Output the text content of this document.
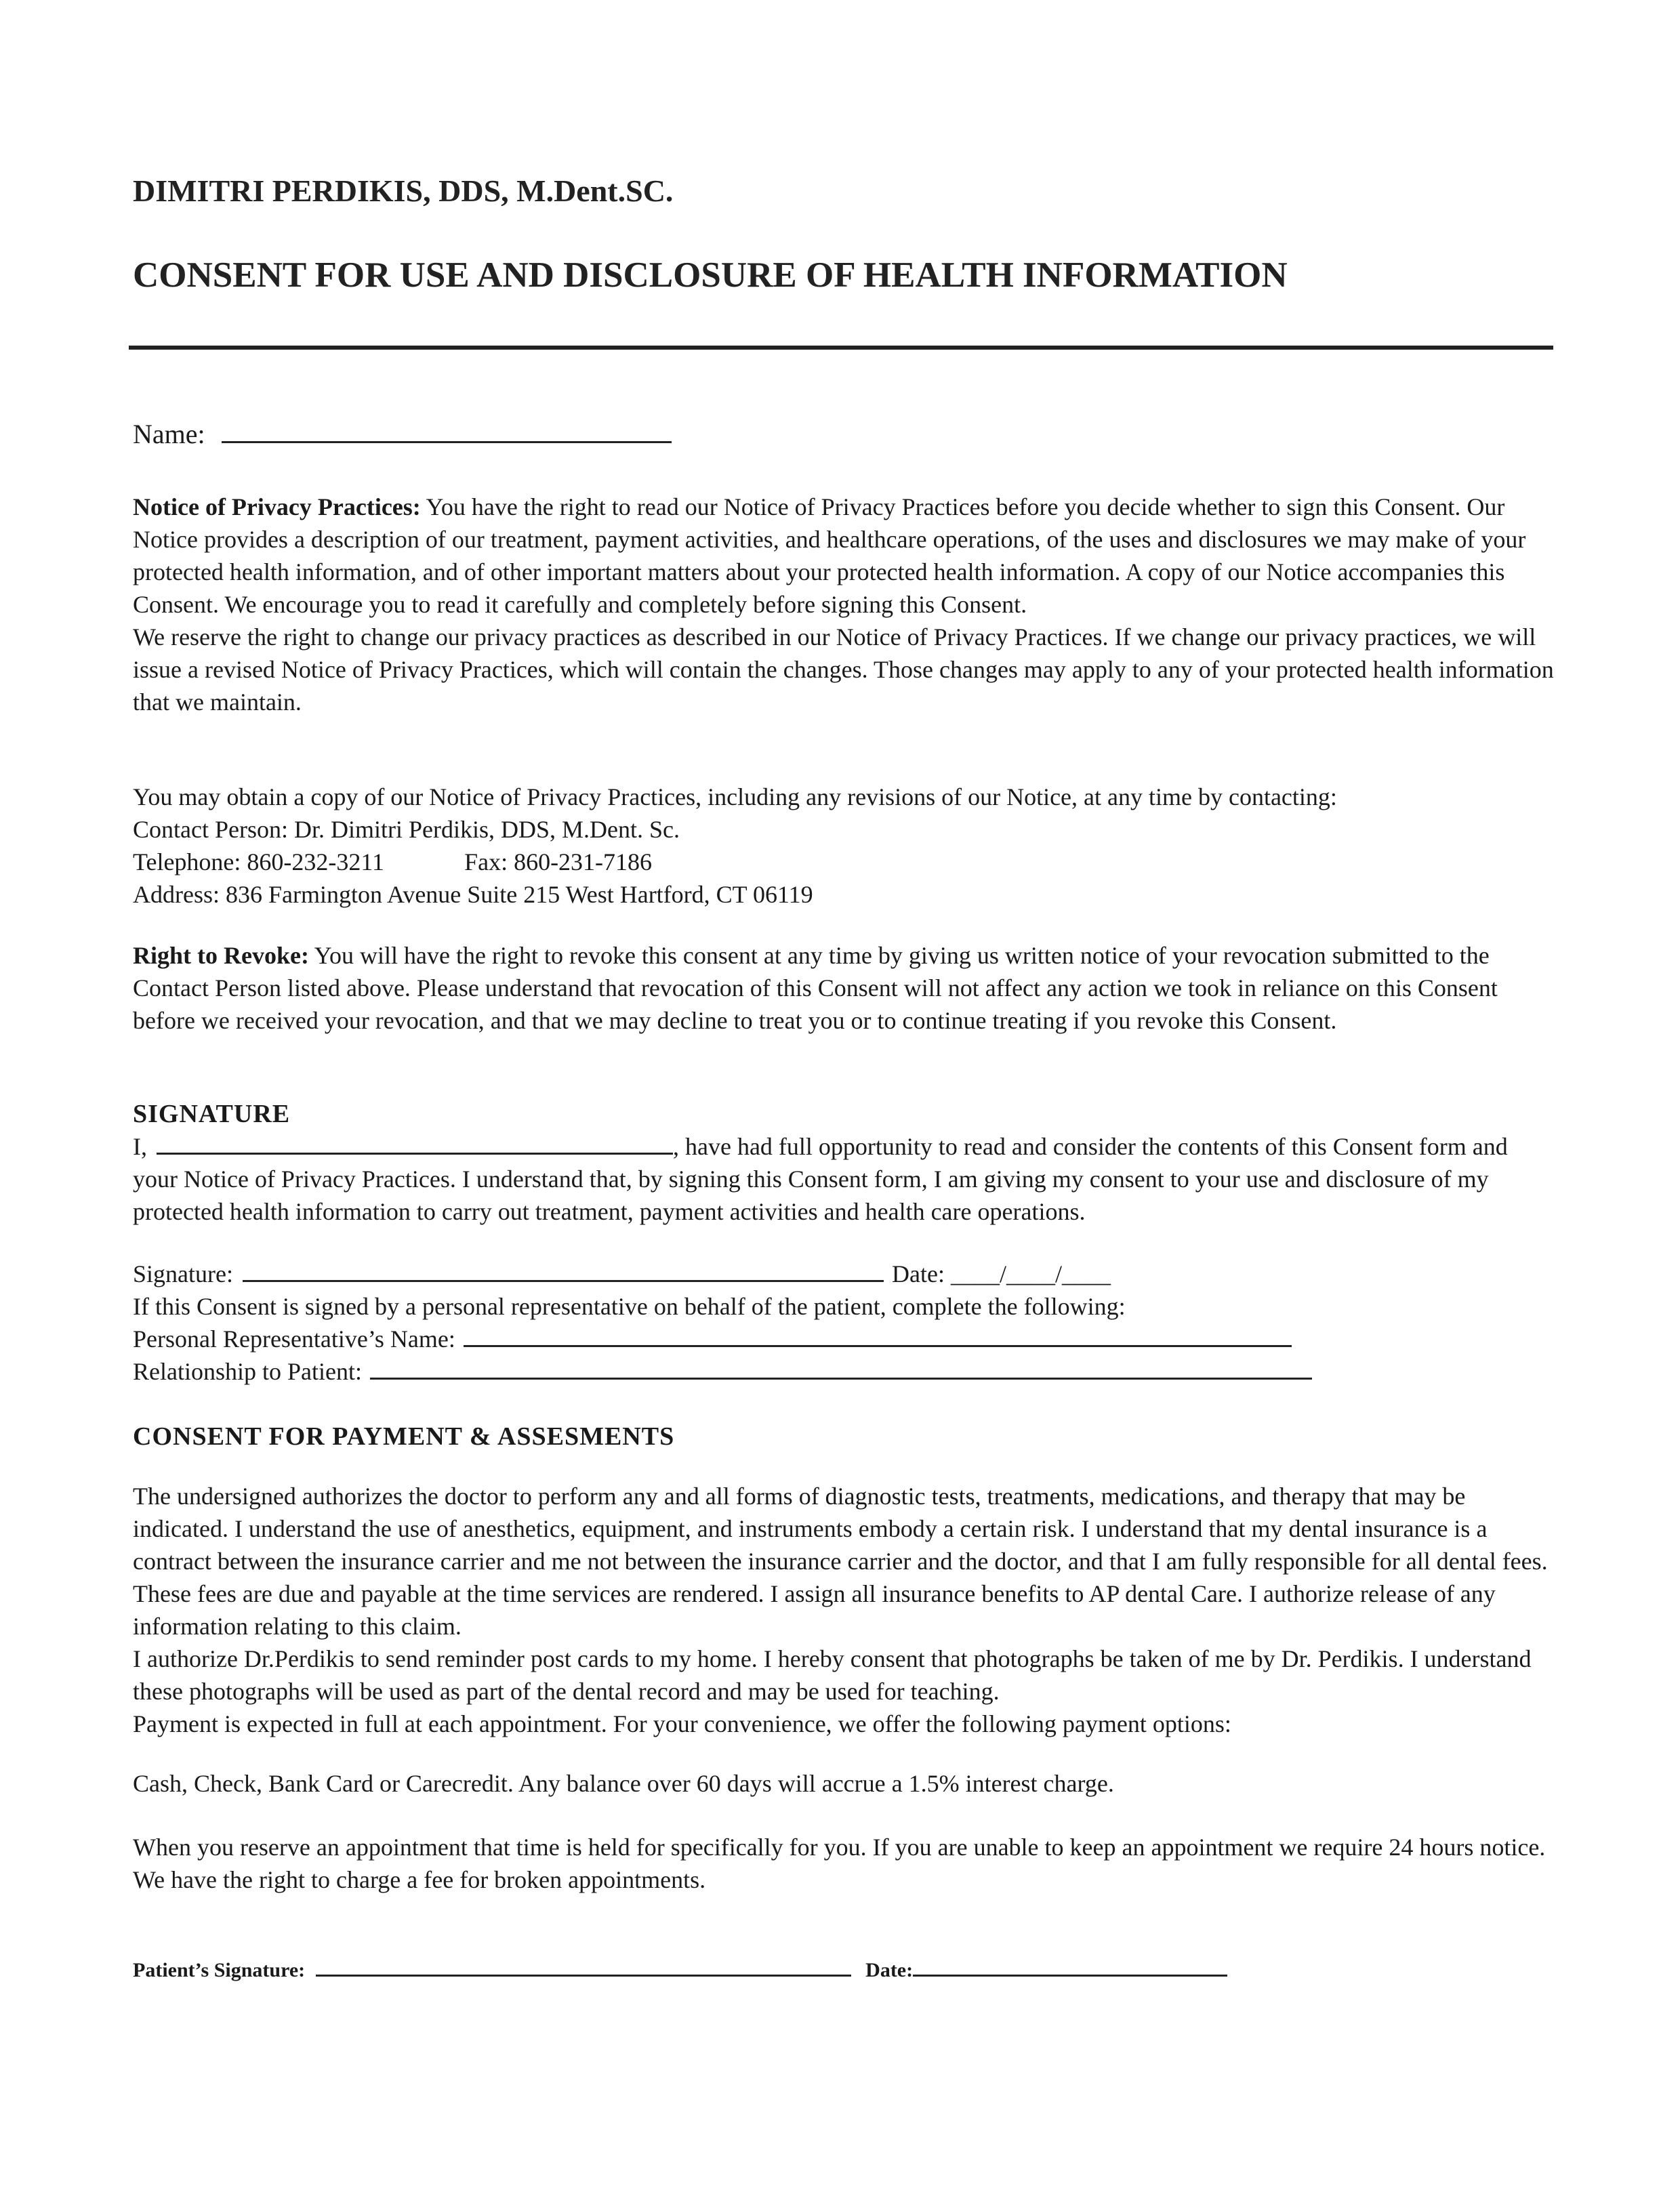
DIMITRI PERDIKIS, DDS, M.Dent.SC.
CONSENT FOR USE AND DISCLOSURE OF HEALTH INFORMATION
Name:

Notice of Privacy Practices: You have the right to read our Notice of Privacy Practices before you decide whether to sign this Consent. Our Notice provides a description of our treatment, payment activities, and healthcare operations, of the uses and disclosures we may make of your protected health information, and of other important matters about your protected health information. A copy of our Notice accompanies this Consent. We encourage you to read it carefully and completely before signing this Consent.

We reserve the right to change our privacy practices as described in our Notice of Privacy Practices. If we change our privacy practices, we will issue a revised Notice of Privacy Practices, which will contain the changes. Those changes may apply to any of your protected health information that we maintain.

You may obtain a copy of our Notice of Privacy Practices, including any revisions of our Notice, at any time by contacting:

Contact Person: Dr. Dimitri Perdikis, DDS, M.Dent. Sc.

Telephone: 860-232-3211	Fax: 860-231-7186

Address: 836 Farmington Avenue Suite 215 West Hartford, CT 06119

Right to Revoke: You will have the right to revoke this consent at any time by giving us written notice of your revocation submitted to the Contact Person listed above. Please understand that revocation of this Consent will not affect any action we took in reliance on this Consent before we received your revocation, and that we may decline to treat you or to continue treating if you revoke this Consent.

SIGNATURE

I,	, have had full opportunity to read and consider the contents of this Consent form and your Notice of Privacy Practices. I understand that, by signing this Consent form, I am giving my consent to your use and disclosure of my protected health information to carry out treatment, payment activities and health care operations.

Signature:	Date: ____/____/____

If this Consent is signed by a personal representative on behalf of the patient, complete the following:

Personal Representative’s Name:

Relationship to Patient:

CONSENT FOR PAYMENT & ASSESMENTS

The undersigned authorizes the doctor to perform any and all forms of diagnostic tests, treatments, medications, and therapy that may be indicated. I understand the use of anesthetics, equipment, and instruments embody a certain risk. I understand that my dental insurance is a contract between the insurance carrier and me not between the insurance carrier and the doctor, and that I am fully responsible for all dental fees. These fees are due and payable at the time services are rendered. I assign all insurance benefits to AP dental Care. I authorize release of any information relating to this claim.

I authorize Dr.Perdikis to send reminder post cards to my home. I hereby consent that photographs be taken of me by Dr. Perdikis. I understand these photographs will be used as part of the dental record and may be used for teaching.

Payment is expected in full at each appointment. For your convenience, we offer the following payment options:

Cash, Check, Bank Card or Carecredit. Any balance over 60 days will accrue a 1.5% interest charge.

When you reserve an appointment that time is held for specifically for you. If you are unable to keep an appointment we require 24 hours notice. We have the right to charge a fee for broken appointments.

Patient’s Signature:	Date:
